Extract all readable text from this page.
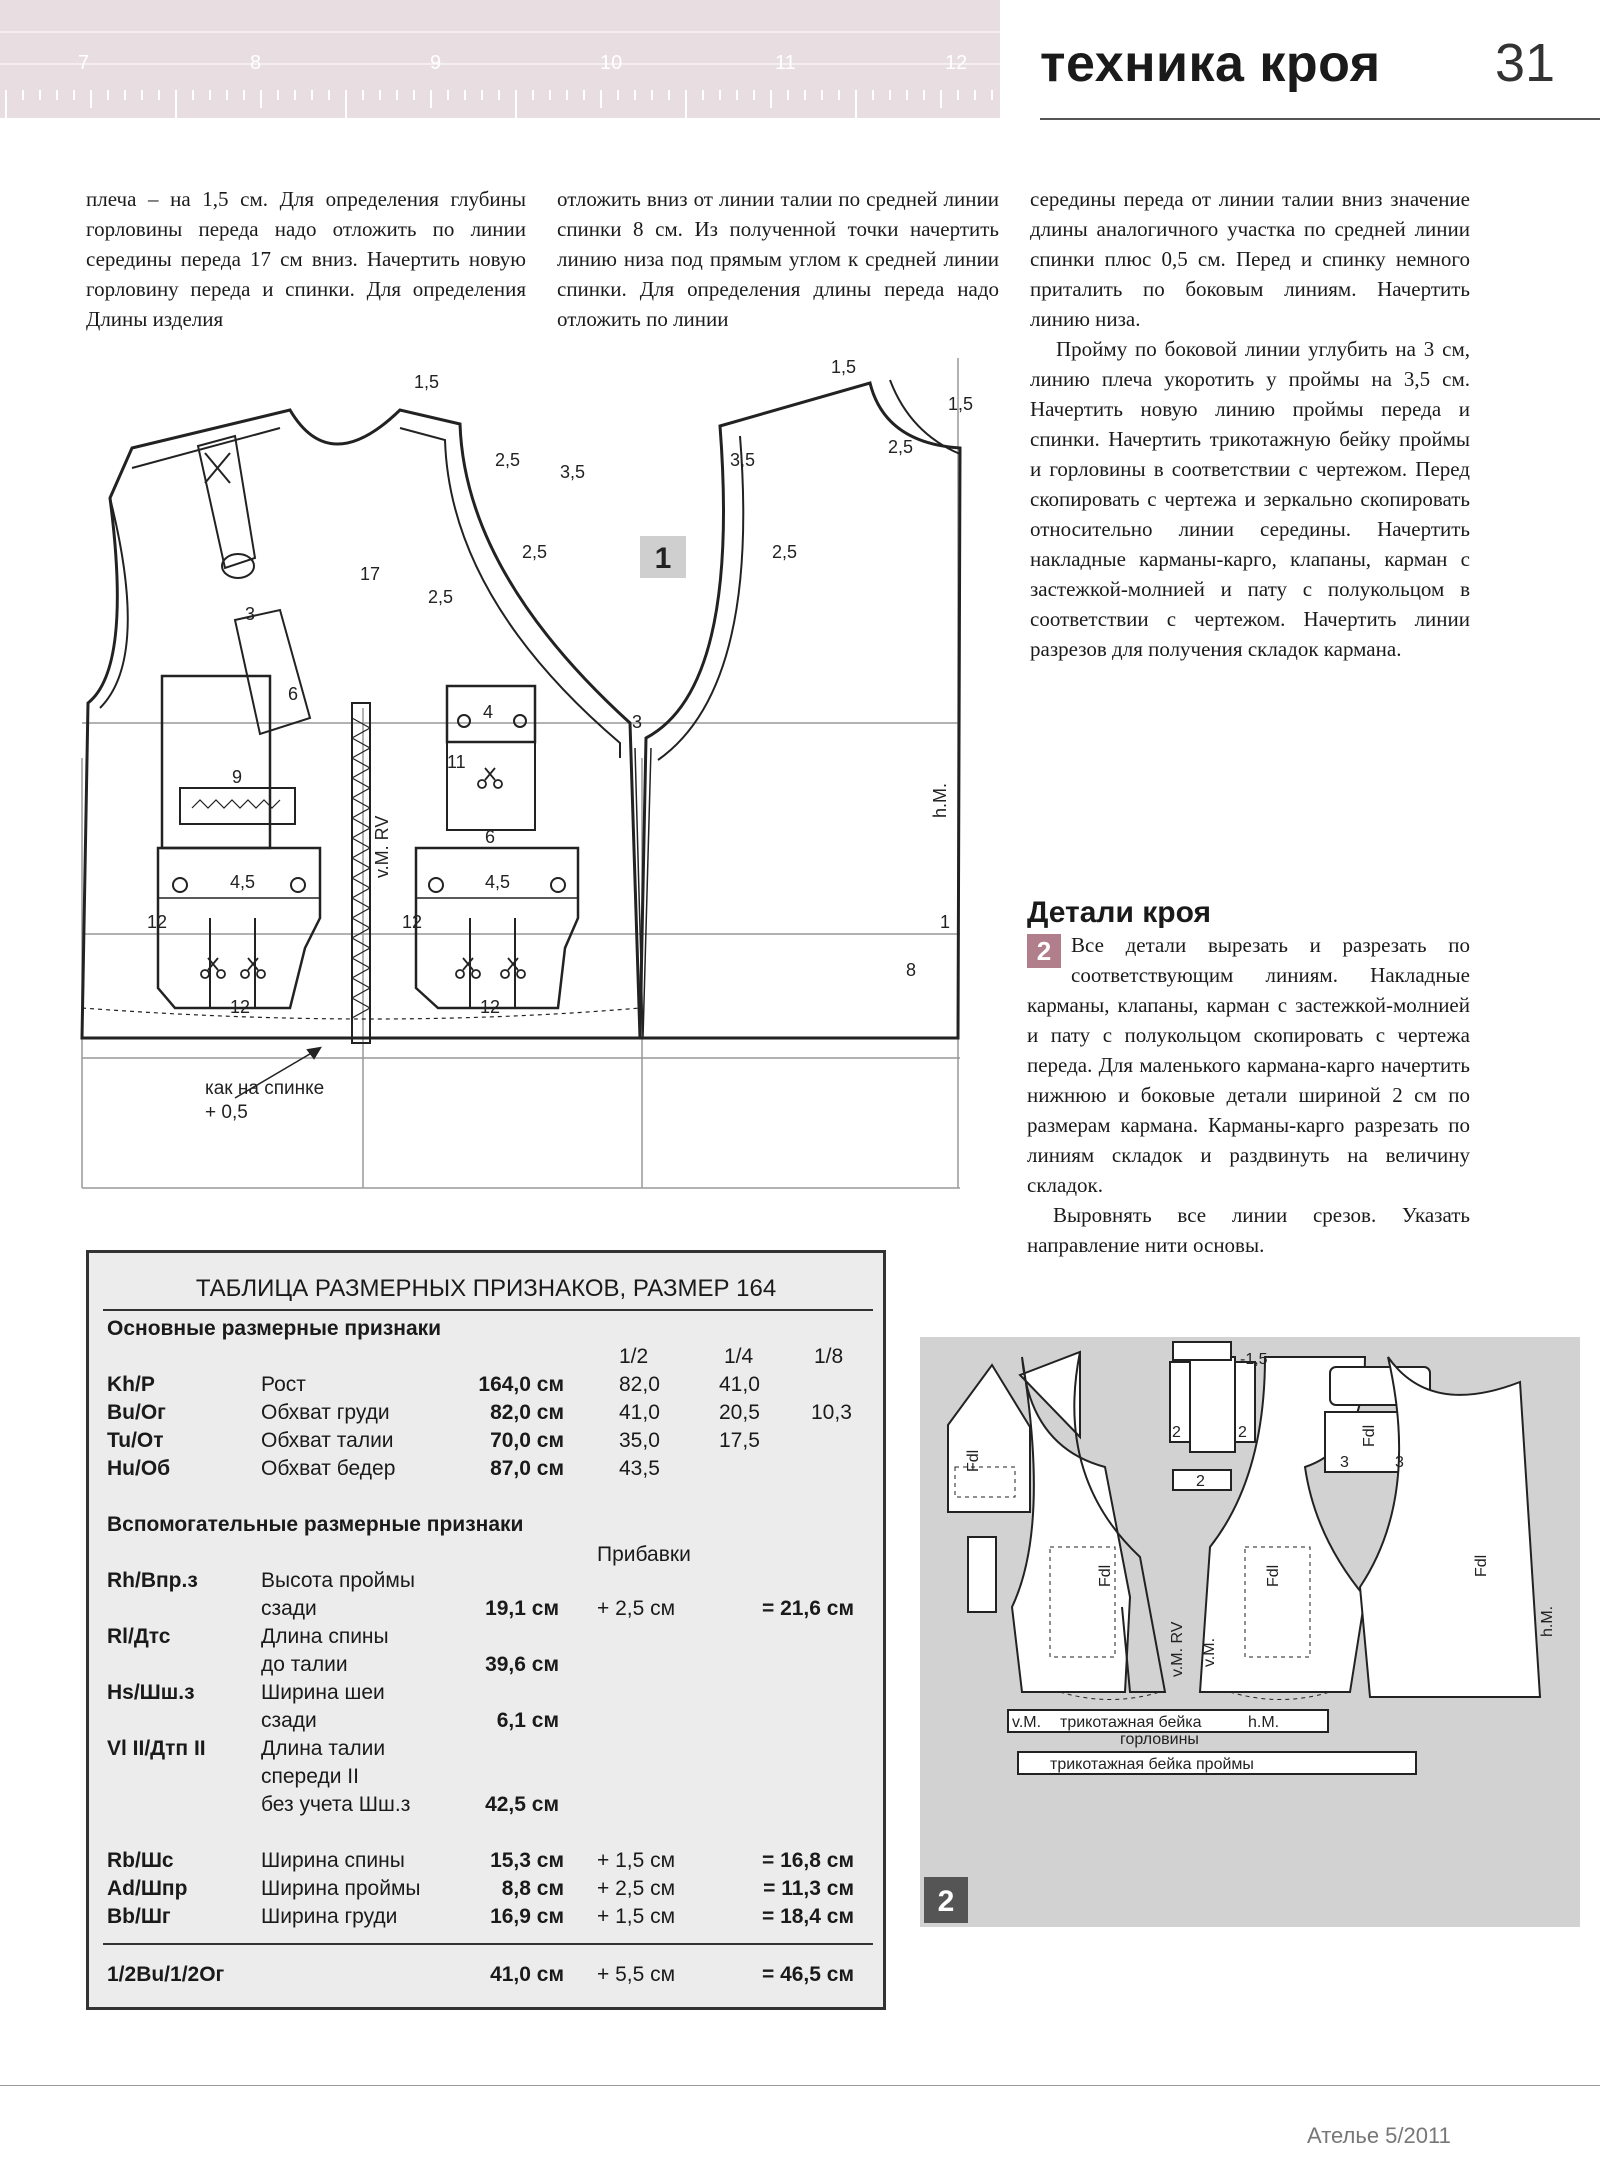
7	8	9	10	11	12 техника кроя 31

плеча – на 1,5 см. Для определения глубины горловины переда надо отложить по линии середины переда 17 см вниз. Начертить новую горловину переда и спинки. Для определения Длины изделия

отложить вниз от линии талии по средней линии спинки 8 см. Из полученной точки начертить линию низа под прямым углом к средней линии спинки. Для определения длины переда надо отложить по линии

середины переда от линии талии вниз значение длины аналогичного участка по средней линии спинки плюс 0,5 см. Перед и спинку немного приталить по боковым линиям. Начертить линию низа.

Пройму по боковой линии углубить на 3 см, линию плеча укоротить у проймы на 3,5 см. Начертить новую линию проймы переда и спинки. Начертить трикотажную бейку проймы и горловины в соответствии с чертежом. Перед скопировать с чертежа и зеркально скопировать относительно линии середины. Начертить накладные карманы-карго, клапаны, карман с застежкой-молнией и пату с полукольцом в соответствии с чертежом. Начертить линии разрезов для получения складок кармана.

1
1,5
1,5
1,5
2,5
3,5
3,5
2,5	2,5
2,5
2,5
17
3
3
6
9
4
11
6
4,5	4,5
12	12
12	12
8
1
v.M. RV
h.M.
как на спинке
+ 0,5
Детали кроя

2 Все детали вырезать и разрезать по соответствующим линиям. Накладные карманы, клапаны, карман с застежкой-молнией и пату с полукольцом скопировать с чертежа переда. Для маленького кармана-карго начертить нижнюю и боковые детали шириной 2 см по размерам кармана. Карманы-карго разрезать по линиям складок и раздвинуть на величину складок.

Выровнять все линии срезов. Указать направление нити основы.

ТАБЛИЦА РАЗМЕРНЫХ ПРИЗНАКОВ, РАЗМЕР 164
Основные размерные признаки
1/2	1/4	1/8
Kh/P	Рост	164,0 см	82,0	41,0
Bu/Ог	Обхват груди	82,0 см	41,0	20,5 10,3
Tu/От	Обхват талии	70,0 см	35,0	17,5
Hu/Об	Обхват бедер	87,0 см	43,5
Вспомогательные размерные признаки
Прибавки
Rh/Впр.з	Высота проймы
сзади	19,1 см + 2,5 см	= 21,6 см
Rl/Дтс	Длина спины
до талии	39,6 см
Hs/Шш.з	Ширина шеи
сзади	6,1 см
Vl II/Дтп II	Длина талии
спереди II
без учета Шш.з	42,5 см
Rb/Шс	Ширина спины	15,3 см + 1,5 см	= 16,8 см
Ad/Шпр	Ширина проймы	8,8 см + 2,5 см	= 11,3 см
Bb/Шг	Ширина груди	16,9 см + 1,5 см	= 18,4 см
1/2Bu/1/2Ог	41,0 см + 5,5 см	= 46,5 см
2
-1,5
Fdl
Fdl	Fdl
Fdl
Fdl
2
2
2
3	3
v.M. RV v.M.
h.M.
v.M. трикотажная бейка	h.M.
горловины
трикотажная бейка проймы
Ателье 5/2011
